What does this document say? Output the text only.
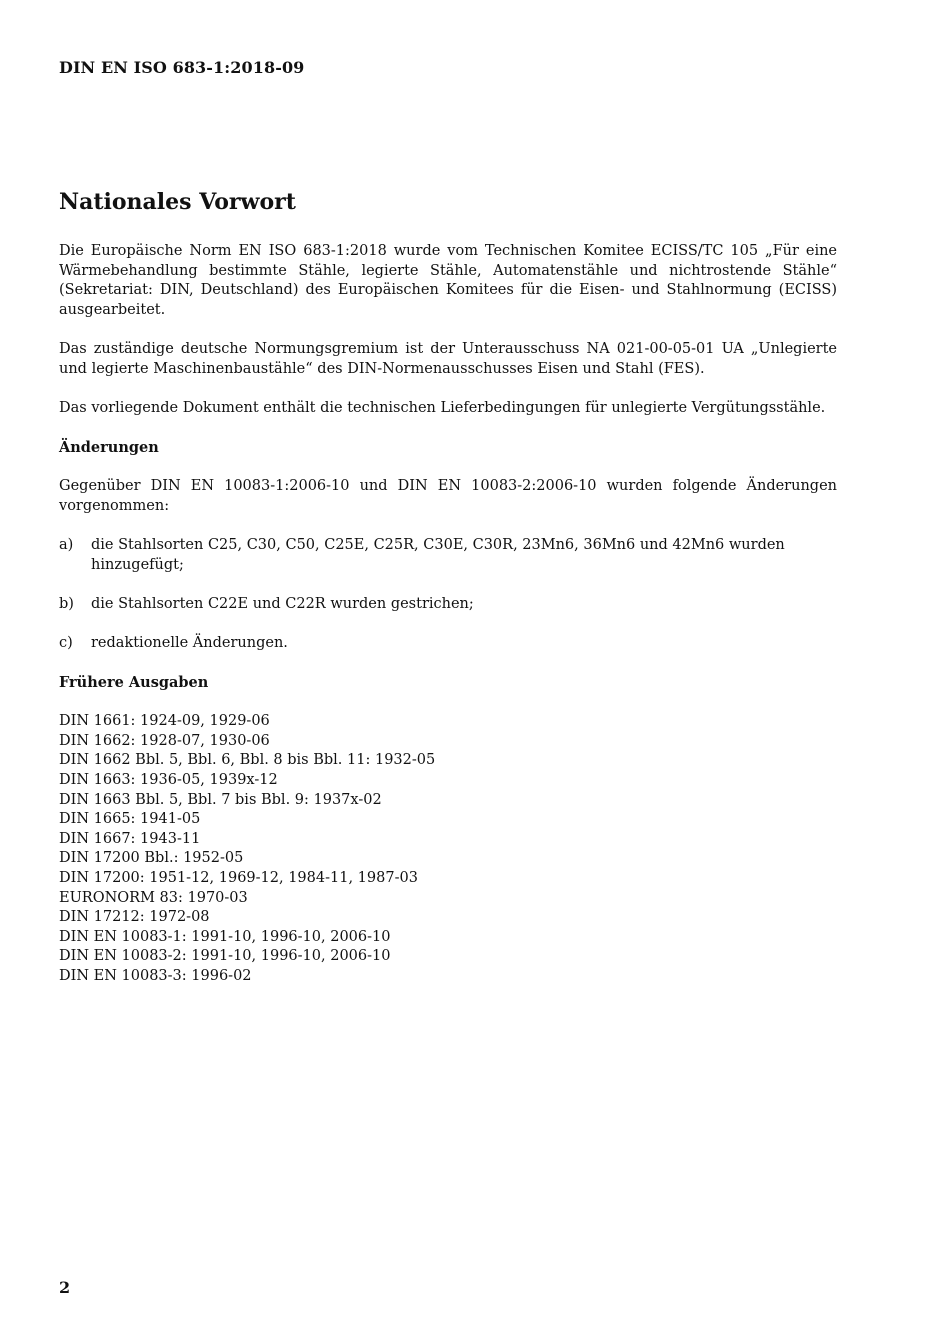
DIN EN ISO 683-1:2018-09
Nationales Vorwort

Die Europäische Norm EN ISO 683-1:2018 wurde vom Technischen Komitee ECISS/TC 105 „Für eine Wärmebehandlung bestimmte Stähle, legierte Stähle, Automatenstähle und nichtrostende Stähle“ (Sekretariat: DIN, Deutschland) des Europäischen Komitees für die Eisen- und Stahlnormung (ECISS) ausgearbeitet.

Das zuständige deutsche Normungsgremium ist der Unterausschuss NA 021-00-05-01 UA „Unlegierte und legierte Maschinenbaustähle“ des DIN-Normenausschusses Eisen und Stahl (FES).

Das vorliegende Dokument enthält die technischen Lieferbedingungen für unlegierte Vergütungsstähle.

Änderungen

Gegenüber DIN EN 10083-1:2006-10 und DIN EN 10083-2:2006-10 wurden folgende Änderungen vorgenommen:

a)	die Stahlsorten C25, C30, C50, C25E, C25R, C30E, C30R, 23Mn6, 36Mn6 und 42Mn6 wurden hinzugefügt;
b)	die Stahlsorten C22E und C22R wurden gestrichen;
c)	redaktionelle Änderungen.
Frühere Ausgaben
DIN 1661: 1924-09, 1929-06
DIN 1662: 1928-07, 1930-06
DIN 1662 Bbl. 5, Bbl. 6, Bbl. 8 bis Bbl. 11: 1932-05
DIN 1663: 1936-05, 1939x-12
DIN 1663 Bbl. 5, Bbl. 7 bis Bbl. 9: 1937x-02
DIN 1665: 1941-05
DIN 1667: 1943-11
DIN 17200 Bbl.: 1952-05
DIN 17200: 1951-12, 1969-12, 1984-11, 1987-03
EURONORM 83: 1970-03
DIN 17212: 1972-08
DIN EN 10083-1: 1991-10, 1996-10, 2006-10
DIN EN 10083-2: 1991-10, 1996-10, 2006-10
DIN EN 10083-3: 1996-02
2
